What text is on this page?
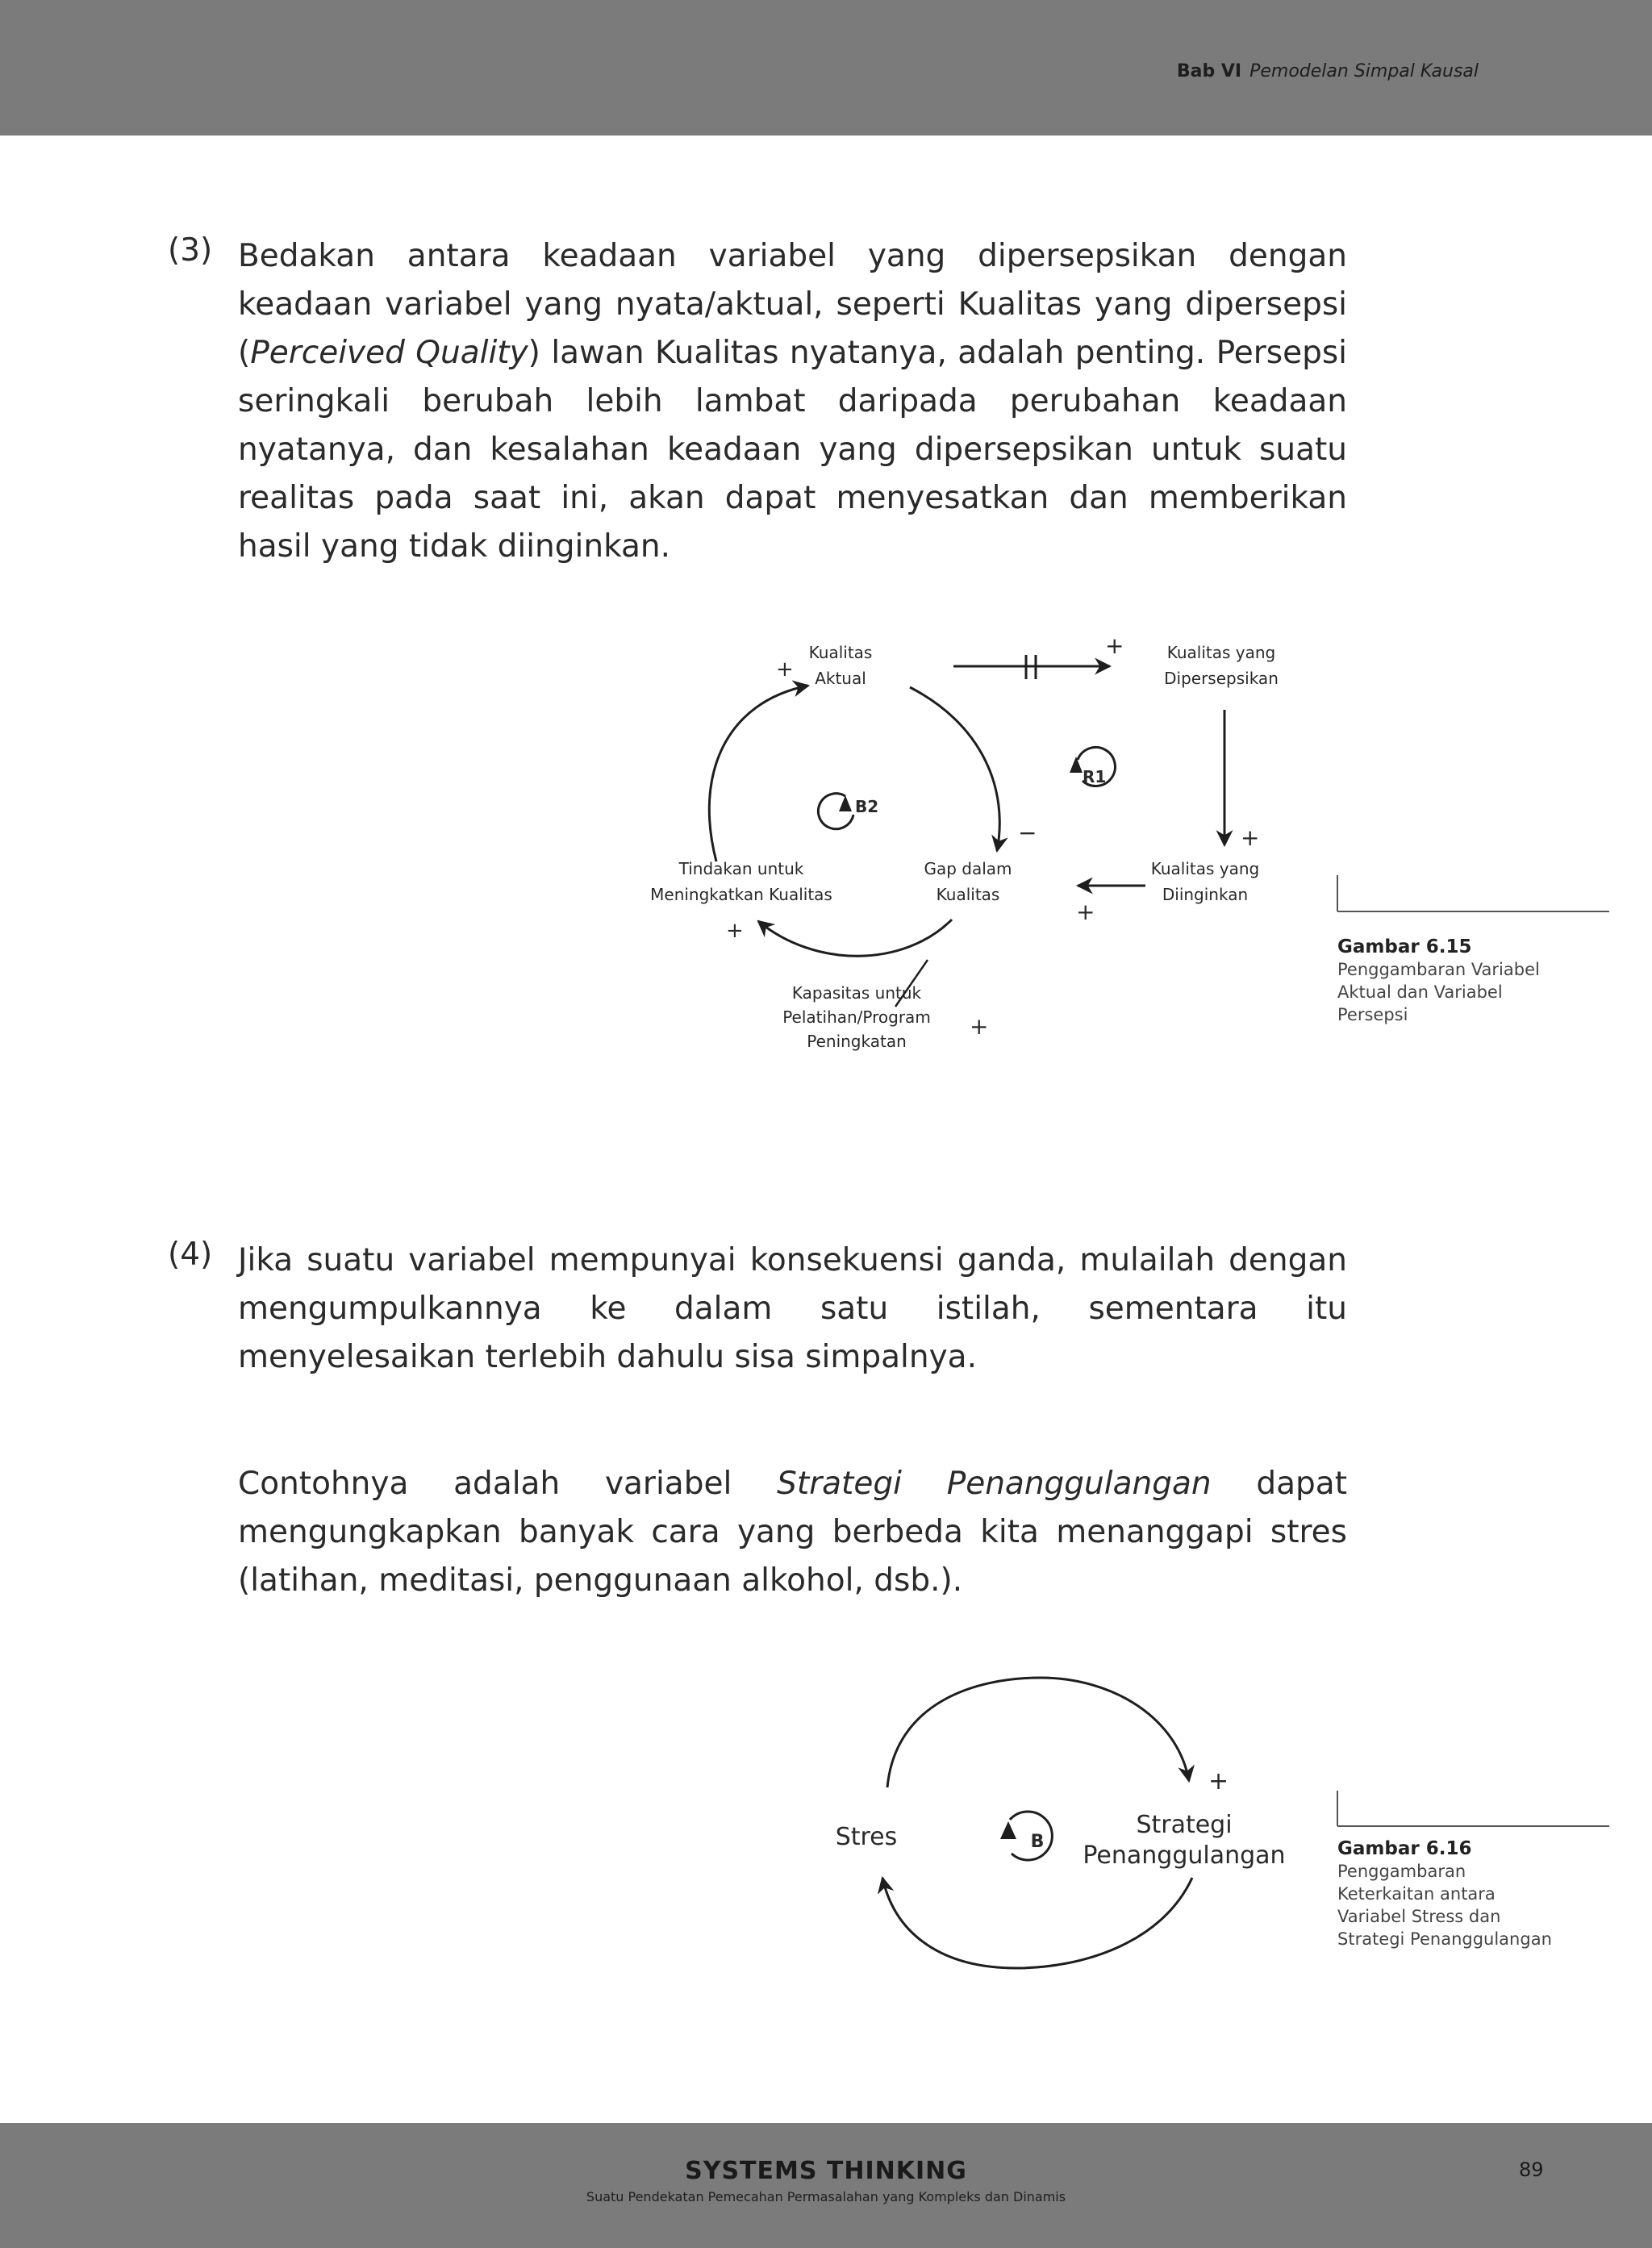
Bab VI Pemodelan Simpal Kausal
(3) Bedakan antara keadaan variabel yang dipersepsikan dengan keadaan variabel yang nyata/aktual, seperti Kualitas yang dipersepsi (Perceived Quality) lawan Kualitas nyatanya, adalah penting. Persepsi seringkali berubah lebih lambat daripada perubahan keadaan nyatanya, dan kesalahan keadaan yang dipersepsikan untuk suatu realitas pada saat ini, akan dapat menyesatkan dan memberikan hasil yang tidak diinginkan.
(4) Jika suatu variabel mempunyai konsekuensi ganda, mulailah dengan mengumpulkannya ke dalam satu istilah, sementara itu menyelesaikan terlebih dahulu sisa simpalnya.
Contohnya adalah variabel Strategi Penanggulangan dapat mengungkapkan banyak cara yang berbeda kita menanggapi stres (latihan, meditasi, penggunaan alkohol, dsb.).
Kualitas
Aktual
Kualitas yang
Dipersepsikan
Kualitas yang
Diinginkan
Gap dalam
Kualitas
Tindakan untuk
Meningkatkan Kualitas
Kapasitas untuk
Pelatihan/Program
Peningkatan
+
+
−	+
+
+
+
B2
R1
Stres	Strategi
Penanggulangan
+
B
Gambar 6.15
Penggambaran Variabel
Aktual dan Variabel
Persepsi
Gambar 6.16
Penggambaran
Keterkaitan antara
Variabel Stress dan
Strategi Penanggulangan
SYSTEMS THINKING
Suatu Pendekatan Pemecahan Permasalahan yang Kompleks dan Dinamis
89
